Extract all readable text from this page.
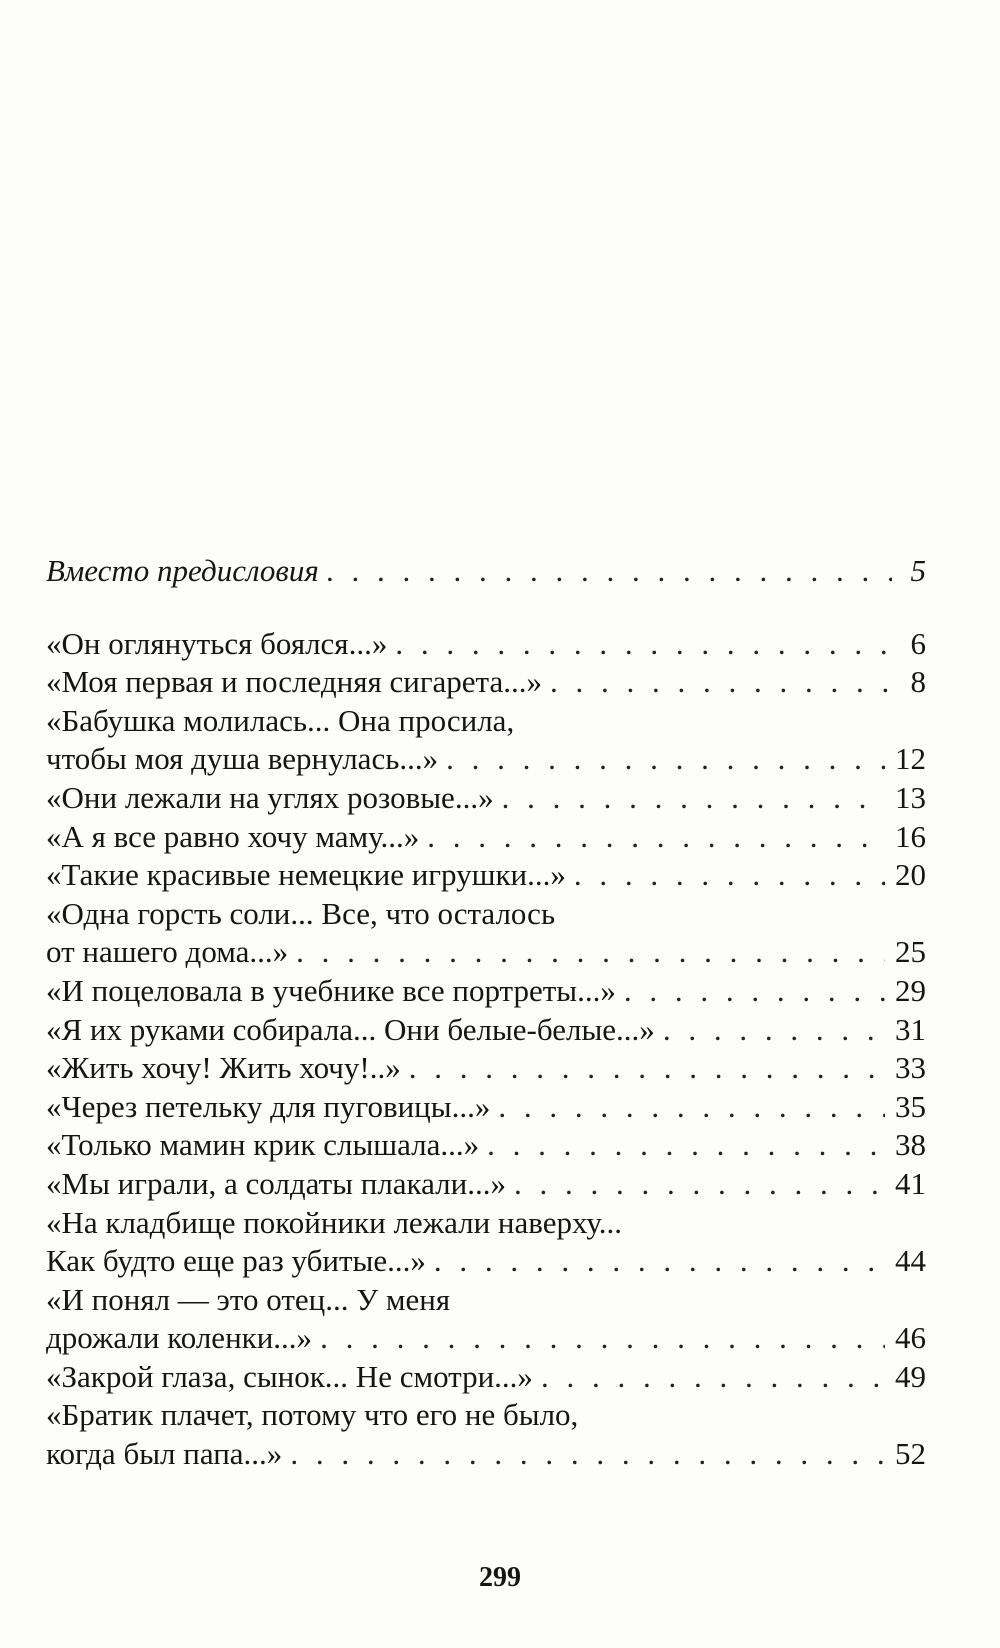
Вместо предисловия . . .	5
«Он оглянуться боялся...» . . .	6
«Моя первая и последняя сигарета...» . . .	8
«Бабушка молилась... Она просила,
чтобы моя душа вернулась...» . . .	12
«Они лежали на углях розовые...» . . .	13
«А я все равно хочу маму...» . . .	16
«Такие красивые немецкие игрушки...» . . .	20
«Одна горсть соли... Все, что осталось
от нашего дома...» . . .	25
«И поцеловала в учебнике все портреты...» . . .	29
«Я их руками собирала... Они белые-белые...» . . .	31
«Жить хочу! Жить хочу!..» . . .	33
«Через петельку для пуговицы...» . . .	35
«Только мамин крик слышала...» . . .	38
«Мы играли, а солдаты плакали...» . . .	41
«На кладбище покойники лежали наверху...
Как будто еще раз убитые...» . . .	44
«И понял — это отец... У меня
дрожали коленки...» . . .	46
«Закрой глаза, сынок... Не смотри...» . . .	49
«Братик плачет, потому что его не было,
когда был папа...» . . .	52
299
